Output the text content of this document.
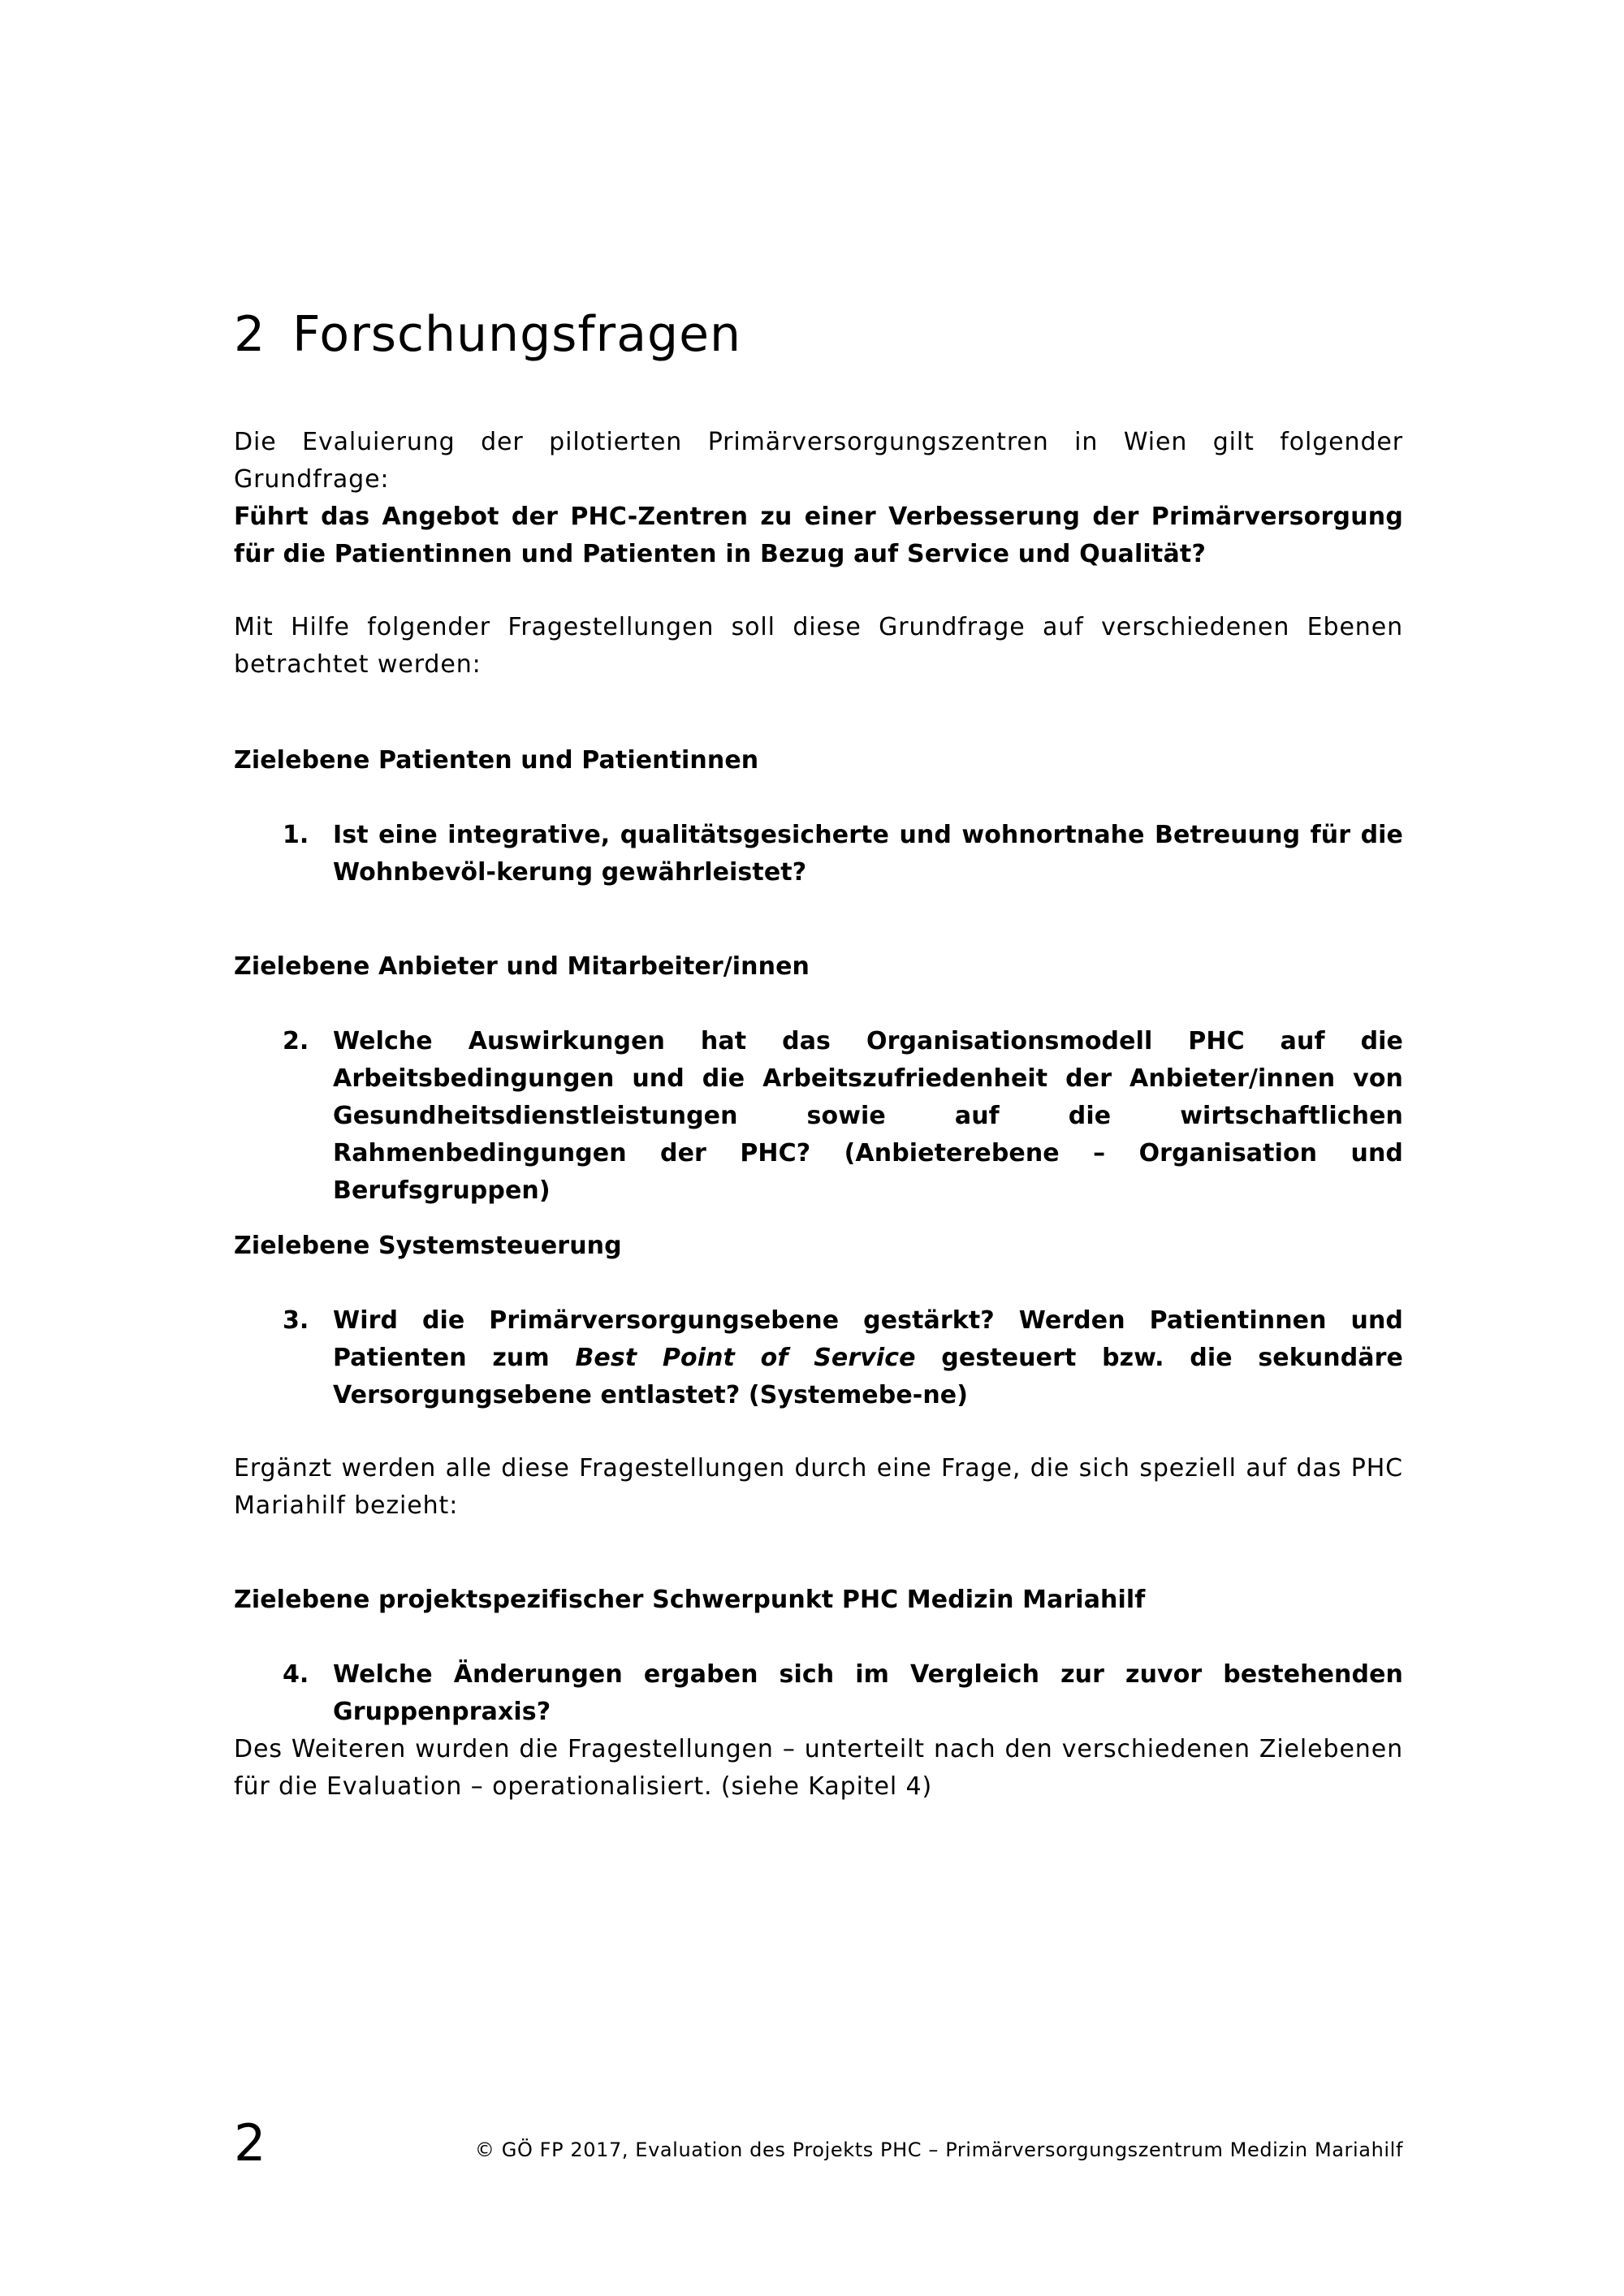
2 Forschungsfragen

Die Evaluierung der pilotierten Primärversorgungszentren in Wien gilt folgender Grundfrage:

Führt das Angebot der PHC-Zentren zu einer Verbesserung der Primärversorgung für die Patientinnen und Patienten in Bezug auf Service und Qualität?

Mit Hilfe folgender Fragestellungen soll diese Grundfrage auf verschiedenen Ebenen betrachtet werden:

Zielebene Patienten und Patientinnen

1. Ist eine integrative, qualitätsgesicherte und wohnortnahe Betreuung für die Wohnbevöl-kerung gewährleistet?

Zielebene Anbieter und Mitarbeiter/innen

2. Welche Auswirkungen hat das Organisationsmodell PHC auf die Arbeitsbedingungen und die Arbeitszufriedenheit der Anbieter/innen von Gesundheitsdienstleistungen sowie auf die wirtschaftlichen Rahmenbedingungen der PHC? (Anbieterebene – Organisation und Berufsgruppen)

Zielebene Systemsteuerung

3. Wird die Primärversorgungsebene gestärkt? Werden Patientinnen und Patienten zum Best Point of Service gesteuert bzw. die sekundäre Versorgungsebene entlastet? (Systemebe-ne)

Ergänzt werden alle diese Fragestellungen durch eine Frage, die sich speziell auf das PHC Mariahilf bezieht:

Zielebene projektspezifischer Schwerpunkt PHC Medizin Mariahilf

4. Welche Änderungen ergaben sich im Vergleich zur zuvor bestehenden Gruppenpraxis?

Des Weiteren wurden die Fragestellungen – unterteilt nach den verschiedenen Zielebenen für die Evaluation – operationalisiert. (siehe Kapitel 4)

2	© GÖ FP 2017, Evaluation des Projekts PHC – Primärversorgungszentrum Medizin Mariahilf
